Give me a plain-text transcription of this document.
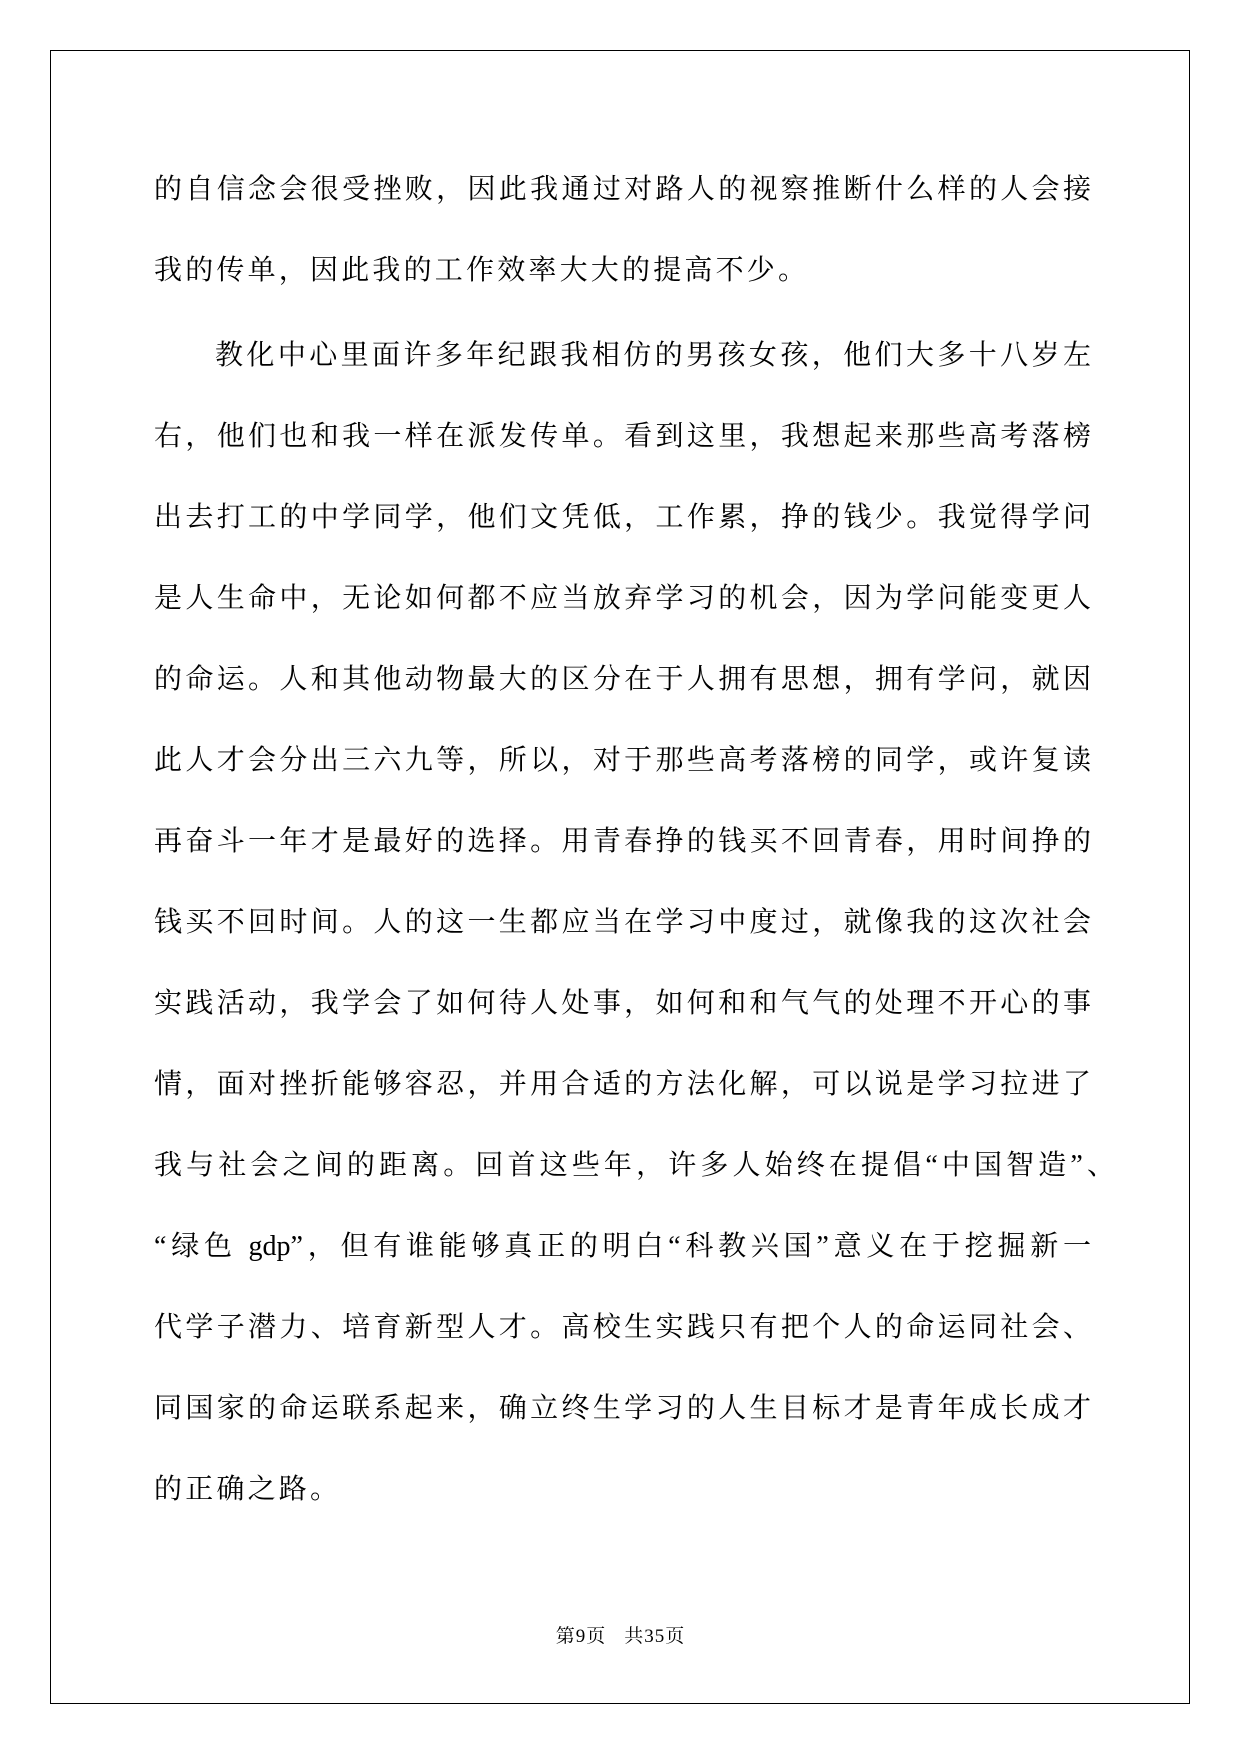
的自信念会很受挫败，因此我通过对路人的视察推断什么样的人会接
我的传单，因此我的工作效率大大的提高不少。
教化中心里面许多年纪跟我相仿的男孩女孩，他们大多十八岁左
右，他们也和我一样在派发传单。看到这里，我想起来那些高考落榜
出去打工的中学同学，他们文凭低，工作累，挣的钱少。我觉得学问
是人生命中，无论如何都不应当放弃学习的机会，因为学问能变更人
的命运。人和其他动物最大的区分在于人拥有思想，拥有学问，就因
此人才会分出三六九等，所以，对于那些高考落榜的同学，或许复读
再奋斗一年才是最好的选择。用青春挣的钱买不回青春，用时间挣的
钱买不回时间。人的这一生都应当在学习中度过，就像我的这次社会
实践活动，我学会了如何待人处事，如何和和气气的处理不开心的事
情，面对挫折能够容忍，并用合适的方法化解，可以说是学习拉进了
我与社会之间的距离。回首这些年，许多人始终在提倡“中国智造”、
“绿色 gdp”，但有谁能够真正的明白“科教兴国”意义在于挖掘新一
代学子潜力、培育新型人才。高校生实践只有把个人的命运同社会、
同国家的命运联系起来，确立终生学习的人生目标才是青年成长成才
的正确之路。
第9页 共35页
